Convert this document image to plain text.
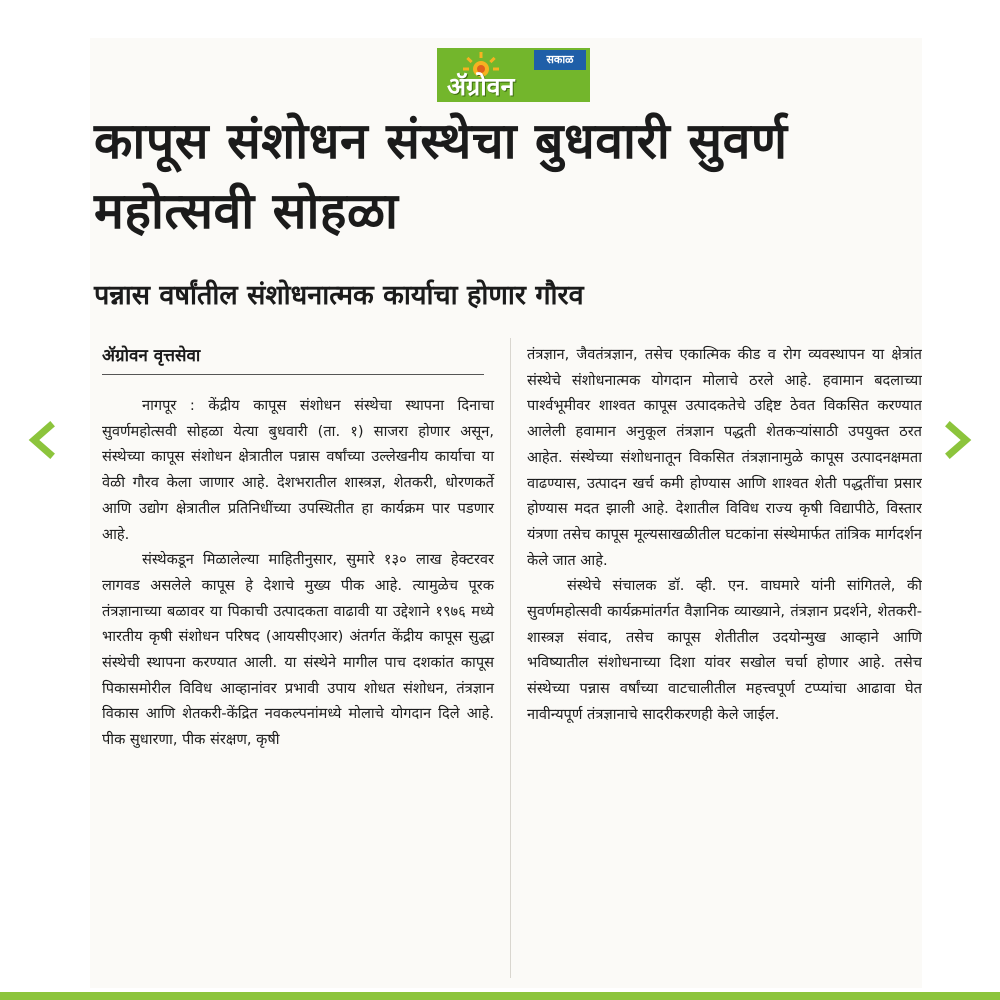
सकाळ
ॲग्रोवन
कापूस संशोधन संस्थेचा बुधवारी सुवर्ण महोत्सवी सोहळा
पन्नास वर्षांतील संशोधनात्मक कार्याचा होणार गौरव
ॲग्रोवन वृत्तसेवा

नागपूर : केंद्रीय कापूस संशोधन संस्थेचा स्थापना दिनाचा सुवर्णमहोत्सवी सोहळा येत्या बुधवारी (ता. १) साजरा होणार असून, संस्थेच्या कापूस संशोधन क्षेत्रातील पन्नास वर्षांच्या उल्लेखनीय कार्याचा या वेळी गौरव केला जाणार आहे. देशभरातील शास्त्रज्ञ, शेतकरी, धोरणकर्ते आणि उद्योग क्षेत्रातील प्रतिनिधींच्या उपस्थितीत हा कार्यक्रम पार पडणार आहे.

संस्थेकडून मिळालेल्या माहितीनुसार, सुमारे १३० लाख हेक्टरवर लागवड असलेले कापूस हे देशाचे मुख्य पीक आहे. त्यामुळेच पूरक तंत्रज्ञानाच्या बळावर या पिकाची उत्पादकता वाढावी या उद्देशाने १९७६ मध्ये भारतीय कृषी संशोधन परिषद (आयसीएआर) अंतर्गत केंद्रीय कापूस सुद्धा संस्थेची स्थापना करण्यात आली. या संस्थेने मागील पाच दशकांत कापूस पिकासमोरील विविध आव्हानांवर प्रभावी उपाय शोधत संशोधन, तंत्रज्ञान विकास आणि शेतकरी-केंद्रित नवकल्पनांमध्ये मोलाचे योगदान दिले आहे. पीक सुधारणा, पीक संरक्षण, कृषी

तंत्रज्ञान, जैवतंत्रज्ञान, तसेच एकात्मिक कीड व रोग व्यवस्थापन या क्षेत्रांत संस्थेचे संशोधनात्मक योगदान मोलाचे ठरले आहे. हवामान बदलाच्या पार्श्वभूमीवर शाश्वत कापूस उत्पादकतेचे उद्दिष्ट ठेवत विकसित करण्यात आलेली हवामान अनुकूल तंत्रज्ञान पद्धती शेतकऱ्यांसाठी उपयुक्त ठरत आहेत. संस्थेच्या संशोधनातून विकसित तंत्रज्ञानामुळे कापूस उत्पादनक्षमता वाढण्यास, उत्पादन खर्च कमी होण्यास आणि शाश्वत शेती पद्धतींचा प्रसार होण्यास मदत झाली आहे. देशातील विविध राज्य कृषी विद्यापीठे, विस्तार यंत्रणा तसेच कापूस मूल्यसाखळीतील घटकांना संस्थेमार्फत तांत्रिक मार्गदर्शन केले जात आहे.

संस्थेचे संचालक डॉ. व्ही. एन. वाघमारे यांनी सांगितले, की सुवर्णमहोत्सवी कार्यक्रमांतर्गत वैज्ञानिक व्याख्याने, तंत्रज्ञान प्रदर्शने, शेतकरी-शास्त्रज्ञ संवाद, तसेच कापूस शेतीतील उदयोन्मुख आव्हाने आणि भविष्यातील संशोधनाच्या दिशा यांवर सखोल चर्चा होणार आहे. तसेच संस्थेच्या पन्नास वर्षांच्या वाटचालीतील महत्त्वपूर्ण टप्प्यांचा आढावा घेत नावीन्यपूर्ण तंत्रज्ञानाचे सादरीकरणही केले जाईल.
